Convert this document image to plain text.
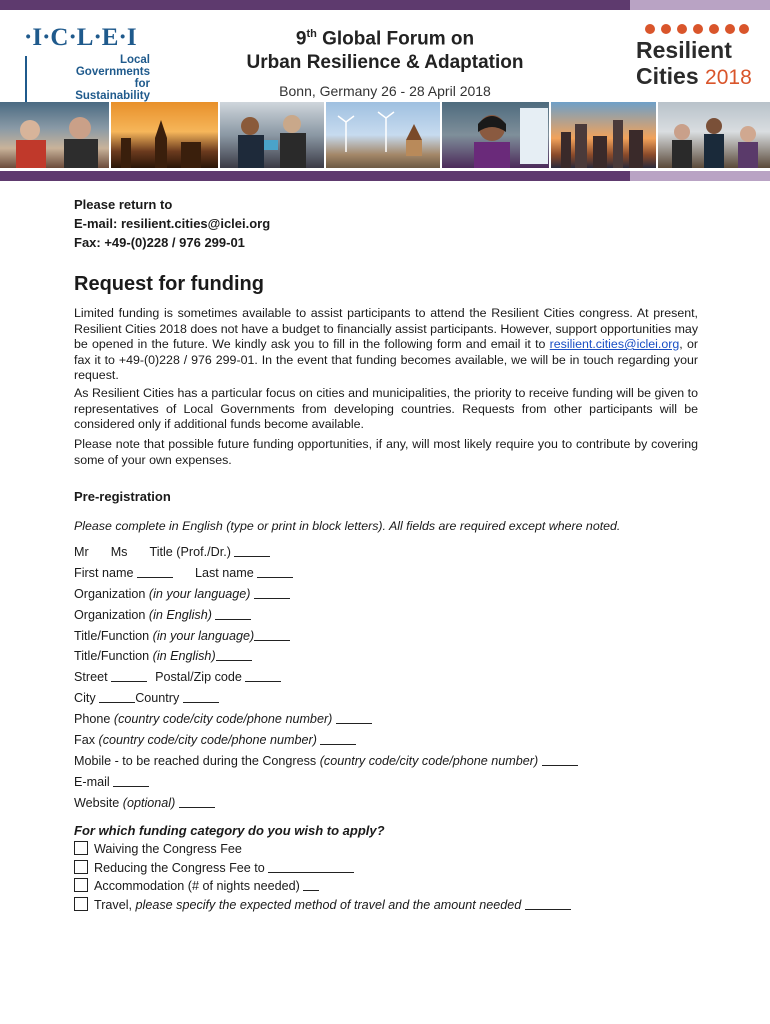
·I·C·L·E·I
Local
Governments
for Sustainability
9th Global Forum on
Urban Resilience & Adaptation
Bonn, Germany 26 - 28 April 2018
Resilient
Cities 2018
Please return to
E-mail: resilient.cities@iclei.org
Fax: +49-(0)228 / 976 299-01
Request for funding
Limited funding is sometimes available to assist participants to attend the Resilient Cities congress. At present, Resilient Cities 2018 does not have a budget to financially assist participants. However, support opportunities may be opened in the future. We kindly ask you to fill in the following form and email it to resilient.cities@iclei.org, or fax it to +49-(0)228 / 976 299-01. In the event that funding becomes available, we will be in touch regarding your request.
As Resilient Cities has a particular focus on cities and municipalities, the priority to receive funding will be given to representatives of Local Governments from developing countries. Requests from other participants will be considered only if additional funds become available.
Please note that possible future funding opportunities, if any, will most likely require you to contribute by covering some of your own expenses.
Pre-registration
Please complete in English (type or print in block letters). All fields are required except where noted.
Mr Ms Title (Prof./Dr.)
First name	Last name
Organization (in your language)
Organization (in English)
Title/Function (in your language)
Title/Function (in English)
Street	Postal/Zip code
City	Country
Phone (country code/city code/phone number)
Fax (country code/city code/phone number)
Mobile - to be reached during the Congress (country code/city code/phone number)
E-mail
Website (optional)
For which funding category do you wish to apply?
Waiving the Congress Fee
Reducing the Congress Fee to
Accommodation (# of nights needed)
Travel, please specify the expected method of travel and the amount needed
